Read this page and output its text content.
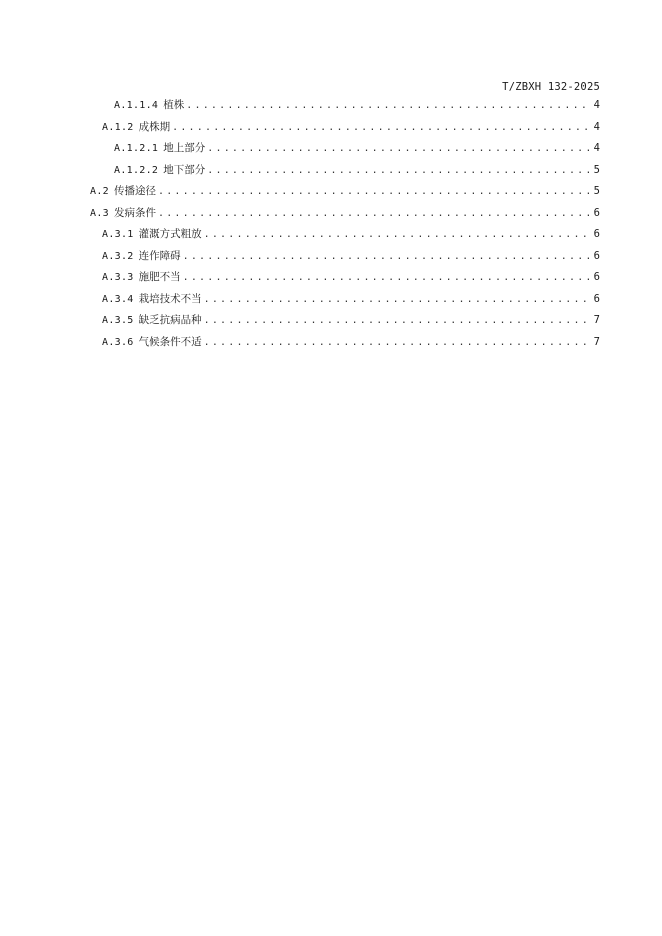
T/ZBXH 132-2025
A.1.1.4 植株 .....	4
A.1.2 成株期 .....	4
A.1.2.1 地上部分 .....	4
A.1.2.2 地下部分 .....	5
A.2 传播途径 .....	5
A.3 发病条件 .....	6
A.3.1 灌溉方式粗放 .....	6
A.3.2 连作障碍 .....	6
A.3.3 施肥不当 .....	6
A.3.4 栽培技术不当 .....	6
A.3.5 缺乏抗病品种 .....	7
A.3.6 气候条件不适 .....	7
